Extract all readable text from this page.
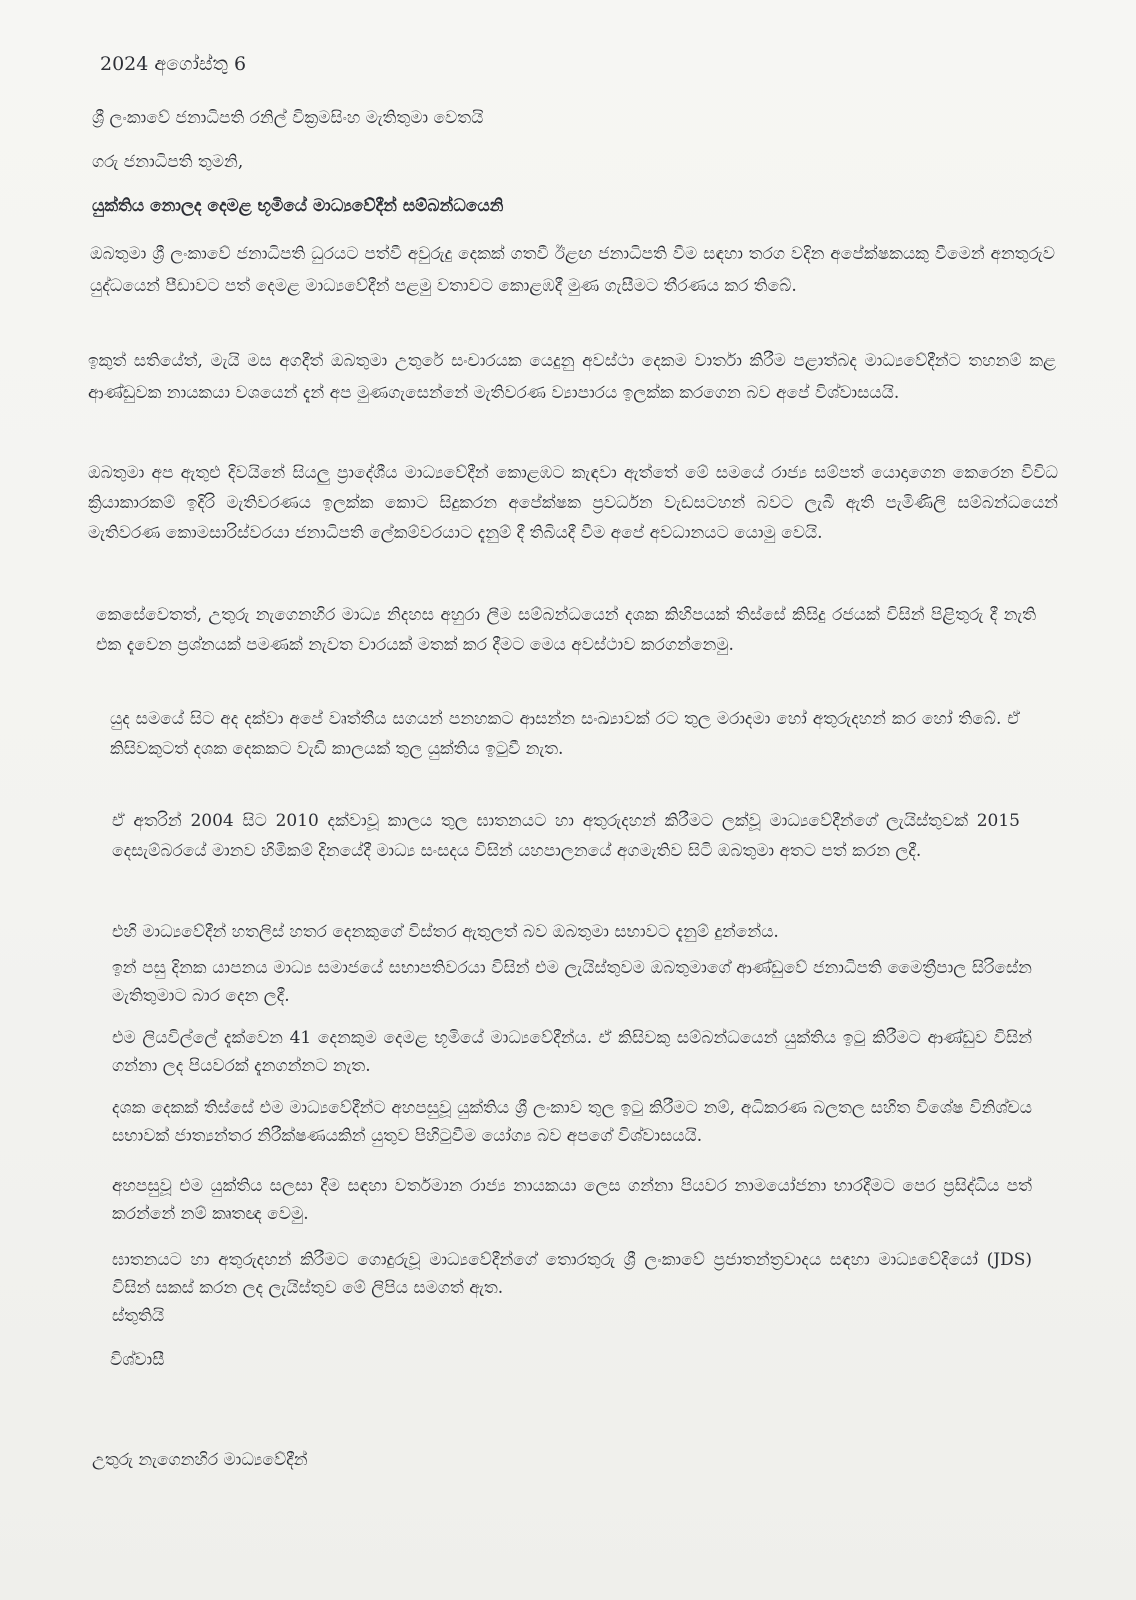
2024 අගෝස්තු 6

ශ්‍රී ලංකාවේ ජනාධිපති රනිල් වික්‍රමසිංහ මැතිතුමා වෙතයි

ගරු ජනාධිපති තුමනි,

යුක්තිය නොලද දෙමළ භූමියේ මාධ්‍යවේදීන් සම්බන්ධයෙනි

ඔබතුමා ශ්‍රී ලංකාවේ ජනාධිපති ධුරයට පත්වී අවුරුදු දෙකක් ගතවී ඊළඟ ජනාධිපති වීම සඳහා තරග වදින අපේක්ෂකයකු වීමෙන් අනතුරුව යුද්ධයෙන් පීඩාවට පත් දෙමළ මාධ්‍යවේදීන් පළමු වතාවට කොළඹදී මුණ ගැසීමට තීරණය කර තිබේ.

ඉකුත් සතියේත්, මැයි මස අගදීත් ඔබතුමා උතුරේ සංචාරයක යෙදුනු අවස්ථා දෙකම වාර්තා කිරීම පළාත්බද මාධ්‍යවේදීන්ට තහනම් කළ ආණ්ඩුවක නායකයා වශයෙන් දැන් අප මුණගැසෙන්නේ මැතිවරණ ව්‍යාපාරය ඉලක්ක කරගෙන බව අපේ විශ්වාසයයි.

ඔබතුමා අප ඇතුළු දිවයිනේ සියලු ප්‍රාදේශීය මාධ්‍යවේදීන් කොළඹට කැඳවා ඇත්තේ මේ සමයේ රාජ්‍ය සම්පත් යොදාගෙන කෙරෙන විවිධ ක්‍රියාකාරකම් ඉදිරි මැතිවරණය ඉලක්ක කොට සිදුකරන අපේක්ෂක ප්‍රවර්ධන වැඩසටහන් බවට ලැබී ඇති පැමිණිලි සම්බන්ධයෙන් මැතිවරණ කොමසාරිස්වරයා ජනාධිපති ලේකම්වරයාට දැනුම් දී තිබියදී වීම අපේ අවධානයට යොමු වෙයි.

කෙසේවෙතත්, උතුරු නැගෙනහිර මාධ්‍ය නිදහස අහුරා ලීම සම්බන්ධයෙන් දශක කිහිපයක් තිස්සේ කිසිදු රජයක් විසින් පිළිතුරු දී නැති එක දැවෙන ප්‍රශ්නයක් පමණක් නැවත වාරයක් මතක් කර දීමට මෙය අවස්ථාව කරගන්නෙමු.

යුද සමයේ සිට අද දක්වා අපේ වෘත්තීය සගයන් පනහකට ආසන්න සංඛ්‍යාවක් රට තුල මරාදමා හෝ අතුරුදහන් කර හෝ තිබේ. ඒ කිසිවකුටත් දශක දෙකකට වැඩි කාලයක් තුල යුක්තිය ඉටුවී නැත.

ඒ අතරින් 2004 සිට 2010 දක්වාවූ කාලය තුල ඝාතනයට හා අතුරුදහන් කිරීමට ලක්වූ මාධ්‍යවේදීන්ගේ ලැයිස්තුවක් 2015 දෙසැම්බරයේ මානව හිමිකම් දිනයේදී මාධ්‍ය සංසදය විසින් යහපාලනයේ අගමැතිව සිටි ඔබතුමා අතට පත් කරන ලදී.

එහි මාධ්‍යවේදීන් හතලිස් හතර දෙනකුගේ විස්තර ඇතුලත් බව ඔබතුමා සභාවට දැනුම් දුන්නේය.

ඉන් පසු දිනක යාපනය මාධ්‍ය සමාජයේ සභාපතිවරයා විසින් එම ලැයිස්තුවම ඔබතුමාගේ ආණ්ඩුවේ ජනාධිපති මෛත්‍රීපාල සිරිසේන මැතිතුමාට බාර දෙන ලදී.

එම ලියවිල්ලේ දැක්වෙන 41 දෙනකුම දෙමළ භූමියේ මාධ්‍යවේදීන්ය. ඒ කිසිවකු සම්බන්ධයෙන් යුක්තිය ඉටු කිරීමට ආණ්ඩුව විසින් ගන්නා ලද පියවරක් දැනගන්නට නැත.

දශක දෙකක් තිස්සේ එම මාධ්‍යවේදීන්ට අහපසුවූ යුක්තිය ශ්‍රී ලංකාව තුල ඉටු කිරීමට නම්, අධිකරණ බලතල සහිත විශේෂ විනිශ්චය සභාවක් ජාත්‍යන්තර නිරීක්ෂණයකින් යුතුව පිහිටුවීම යෝග්‍ය බව අපගේ විශ්වාසයයි.

අහපසුවූ එම යුක්තිය සලසා දීම සඳහා වර්තමාන රාජ්‍ය නායකයා ලෙස ගන්නා පියවර නාමයෝජනා භාරදීමට පෙර ප්‍රසිද්ධිය පත් කරන්නේ නම් කෘතඥ වෙමු.

ඝාතනයට හා අතුරුදහන් කිරීමට ගොදුරුවූ මාධ්‍යවේදීන්ගේ තොරතුරු ශ්‍රී ලංකාවේ ප්‍රජාතන්ත්‍රවාදය සඳහා මාධ්‍යවේදියෝ (JDS) විසින් සකස් කරන ලද ලැයිස්තුව මේ ලිපිය සමගත් ඇත.

ස්තුතියි

විශ්වාසී

උතුරු නැගෙනහිර මාධ්‍යවේදීන්
